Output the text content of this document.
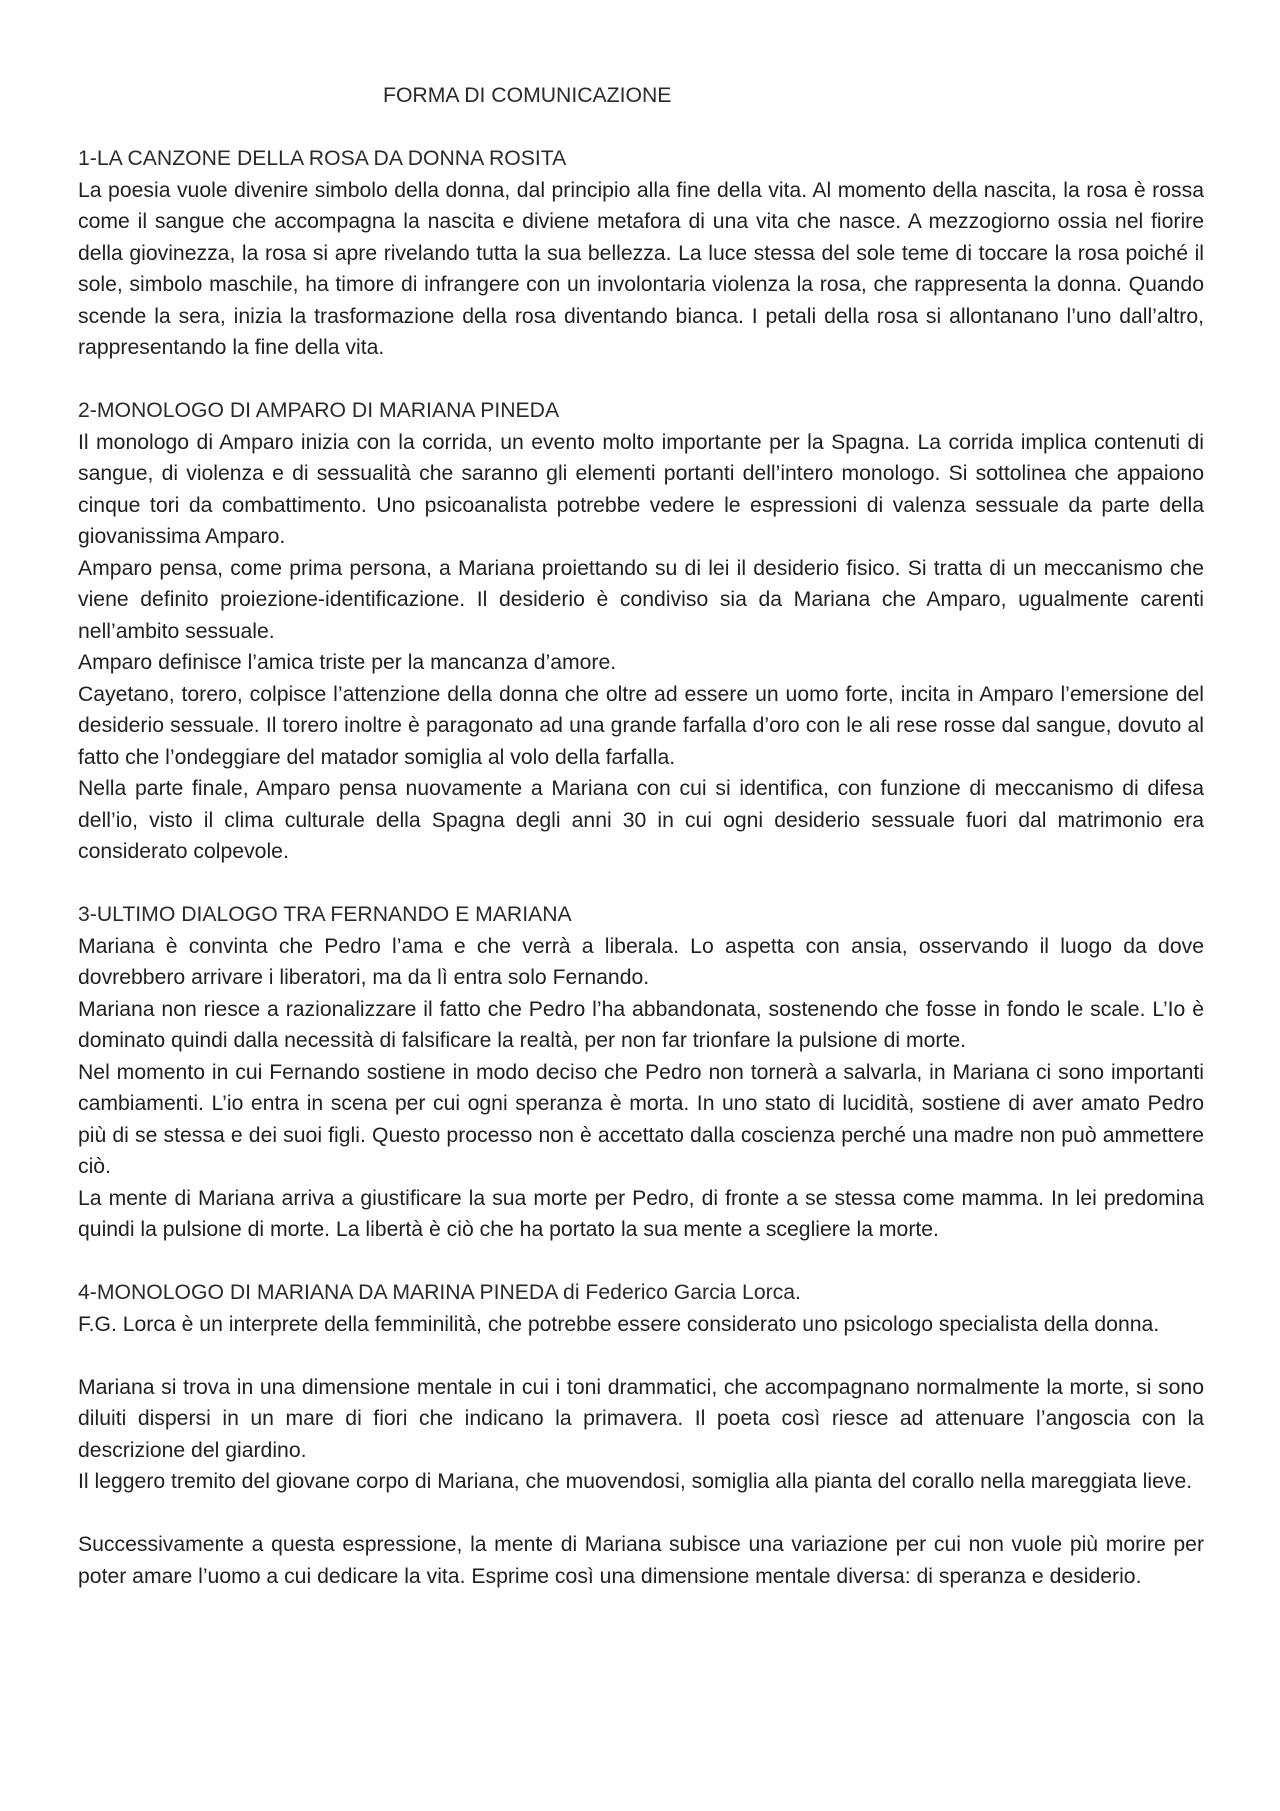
FORMA DI COMUNICAZIONE
1-LA CANZONE DELLA ROSA DA DONNA ROSITA

La poesia vuole divenire simbolo della donna, dal principio alla fine della vita. Al momento della nascita, la rosa è rossa come il sangue che accompagna la nascita e diviene metafora di una vita che nasce. A mezzogiorno ossia nel fiorire della giovinezza, la rosa si apre rivelando tutta la sua bellezza. La luce stessa del sole teme di toccare la rosa poiché il sole, simbolo maschile, ha timore di infrangere con un involontaria violenza la rosa, che rappresenta la donna. Quando scende la sera, inizia la trasformazione della rosa diventando bianca. I petali della rosa si allontanano l’uno dall’altro, rappresentando la fine della vita.

2-MONOLOGO DI AMPARO DI MARIANA PINEDA

Il monologo di Amparo inizia con la corrida, un evento molto importante per la Spagna. La corrida implica contenuti di sangue, di violenza e di sessualità che saranno gli elementi portanti dell’intero monologo. Si sottolinea che appaiono cinque tori da combattimento. Uno psicoanalista potrebbe vedere le espressioni di valenza sessuale da parte della giovanissima Amparo.

Amparo pensa, come prima persona, a Mariana proiettando su di lei il desiderio fisico. Si tratta di un meccanismo che viene definito proiezione-identificazione. Il desiderio è condiviso sia da Mariana che Amparo, ugualmente carenti nell’ambito sessuale.

Amparo definisce l’amica triste per la mancanza d’amore.

Cayetano, torero, colpisce l’attenzione della donna che oltre ad essere un uomo forte, incita in Amparo l’emersione del desiderio sessuale. Il torero inoltre è paragonato ad una grande farfalla d’oro con le ali rese rosse dal sangue, dovuto al fatto che l’ondeggiare del matador somiglia al volo della farfalla.

Nella parte finale, Amparo pensa nuovamente a Mariana con cui si identifica, con funzione di meccanismo di difesa dell’io, visto il clima culturale della Spagna degli anni 30 in cui ogni desiderio sessuale fuori dal matrimonio era considerato colpevole.

3-ULTIMO DIALOGO TRA FERNANDO E MARIANA

Mariana è convinta che Pedro l’ama e che verrà a liberala. Lo aspetta con ansia, osservando il luogo da dove dovrebbero arrivare i liberatori, ma da lì entra solo Fernando.

Mariana non riesce a razionalizzare il fatto che Pedro l’ha abbandonata, sostenendo che fosse in fondo le scale. L’Io è dominato quindi dalla necessità di falsificare la realtà, per non far trionfare la pulsione di morte.

Nel momento in cui Fernando sostiene in modo deciso che Pedro non tornerà a salvarla, in Mariana ci sono importanti cambiamenti. L’io entra in scena per cui ogni speranza è morta. In uno stato di lucidità, sostiene di aver amato Pedro più di se stessa e dei suoi figli. Questo processo non è accettato dalla coscienza perché una madre non può ammettere ciò.

La mente di Mariana arriva a giustificare la sua morte per Pedro, di fronte a se stessa come mamma. In lei predomina quindi la pulsione di morte. La libertà è ciò che ha portato la sua mente a scegliere la morte.

4-MONOLOGO DI MARIANA DA MARINA PINEDA di Federico Garcia Lorca.

F.G. Lorca è un interprete della femminilità, che potrebbe essere considerato uno psicologo specialista della donna.

Mariana si trova in una dimensione mentale in cui i toni drammatici, che accompagnano normalmente la morte, si sono diluiti dispersi in un mare di fiori che indicano la primavera. Il poeta così riesce ad attenuare l’angoscia con la descrizione del giardino.

Il leggero tremito del giovane corpo di Mariana, che muovendosi, somiglia alla pianta del corallo nella mareggiata lieve.

Successivamente a questa espressione, la mente di Mariana subisce una variazione per cui non vuole più morire per poter amare l’uomo a cui dedicare la vita. Esprime così una dimensione mentale diversa: di speranza e desiderio.
